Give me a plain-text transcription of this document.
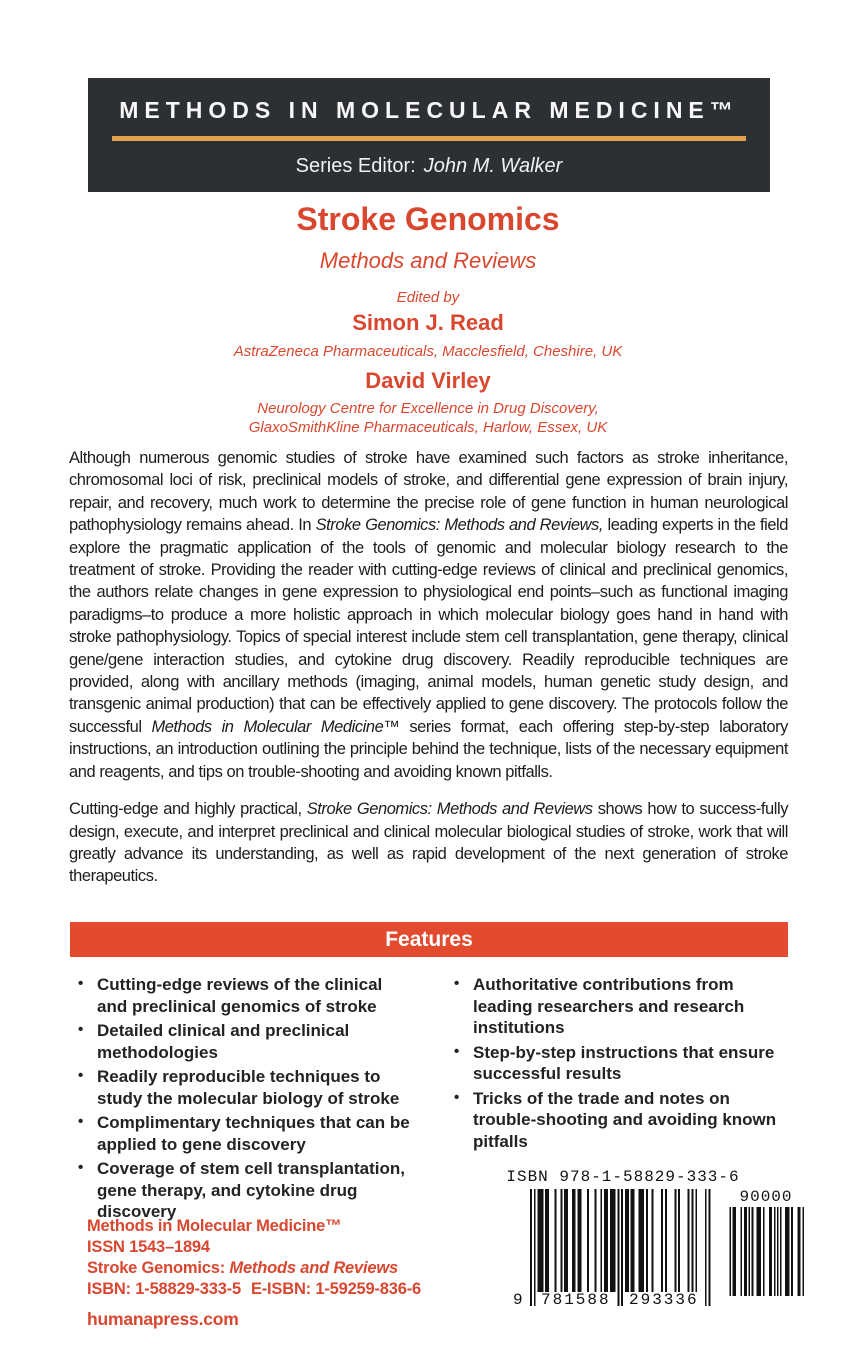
METHODS IN MOLECULAR MEDICINE™
Series Editor: John M. Walker
Stroke Genomics
Methods and Reviews
Edited by
Simon J. Read
AstraZeneca Pharmaceuticals, Macclesfield, Cheshire, UK
David Virley
Neurology Centre for Excellence in Drug Discovery,
GlaxoSmithKline Pharmaceuticals, Harlow, Essex, UK

Although numerous genomic studies of stroke have examined such factors as stroke inheritance, chromosomal loci of risk, preclinical models of stroke, and differential gene expression of brain injury, repair, and recovery, much work to determine the precise role of gene function in human neurological pathophysiology remains ahead. In Stroke Genomics: Methods and Reviews, leading experts in the field explore the pragmatic application of the tools of genomic and molecular biology research to the treatment of stroke. Providing the reader with cutting-edge reviews of clinical and preclinical genomics, the authors relate changes in gene expression to physiological end points–such as functional imaging paradigms–to produce a more holistic approach in which molecular biology goes hand in hand with stroke pathophysiology. Topics of special interest include stem cell transplantation, gene therapy, clinical gene/gene interaction studies, and cytokine drug discovery. Readily reproducible techniques are provided, along with ancillary methods (imaging, animal models, human genetic study design, and transgenic animal production) that can be effectively applied to gene discovery. The protocols follow the successful Methods in Molecular Medicine™ series format, each offering step-by-step laboratory instructions, an introduction outlining the principle behind the technique, lists of the necessary equipment and reagents, and tips on trouble-shooting and avoiding known pitfalls.

Cutting-edge and highly practical, Stroke Genomics: Methods and Reviews shows how to success-fully design, execute, and interpret preclinical and clinical molecular biological studies of stroke, work that will greatly advance its understanding, as well as rapid development of the next generation of stroke therapeutics.

Features
• Cutting-edge reviews of the clinical and preclinical genomics of stroke
• Detailed clinical and preclinical methodologies
• Readily reproducible techniques to study the molecular biology of stroke
• Complimentary techniques that can be applied to gene discovery
• Coverage of stem cell transplantation, gene therapy, and cytokine drug discovery
• Authoritative contributions from leading researchers and research institutions
• Step-by-step instructions that ensure successful results
• Tricks of the trade and notes on trouble-shooting and avoiding known pitfalls
Methods in Molecular Medicine™
ISSN 1543–1894
Stroke Genomics: Methods and Reviews
ISBN: 1-58829-333-5 E-ISBN: 1-59259-836-6
humanapress.com
ISBN 978-1-58829-333-6
9 781588 293336
90000
